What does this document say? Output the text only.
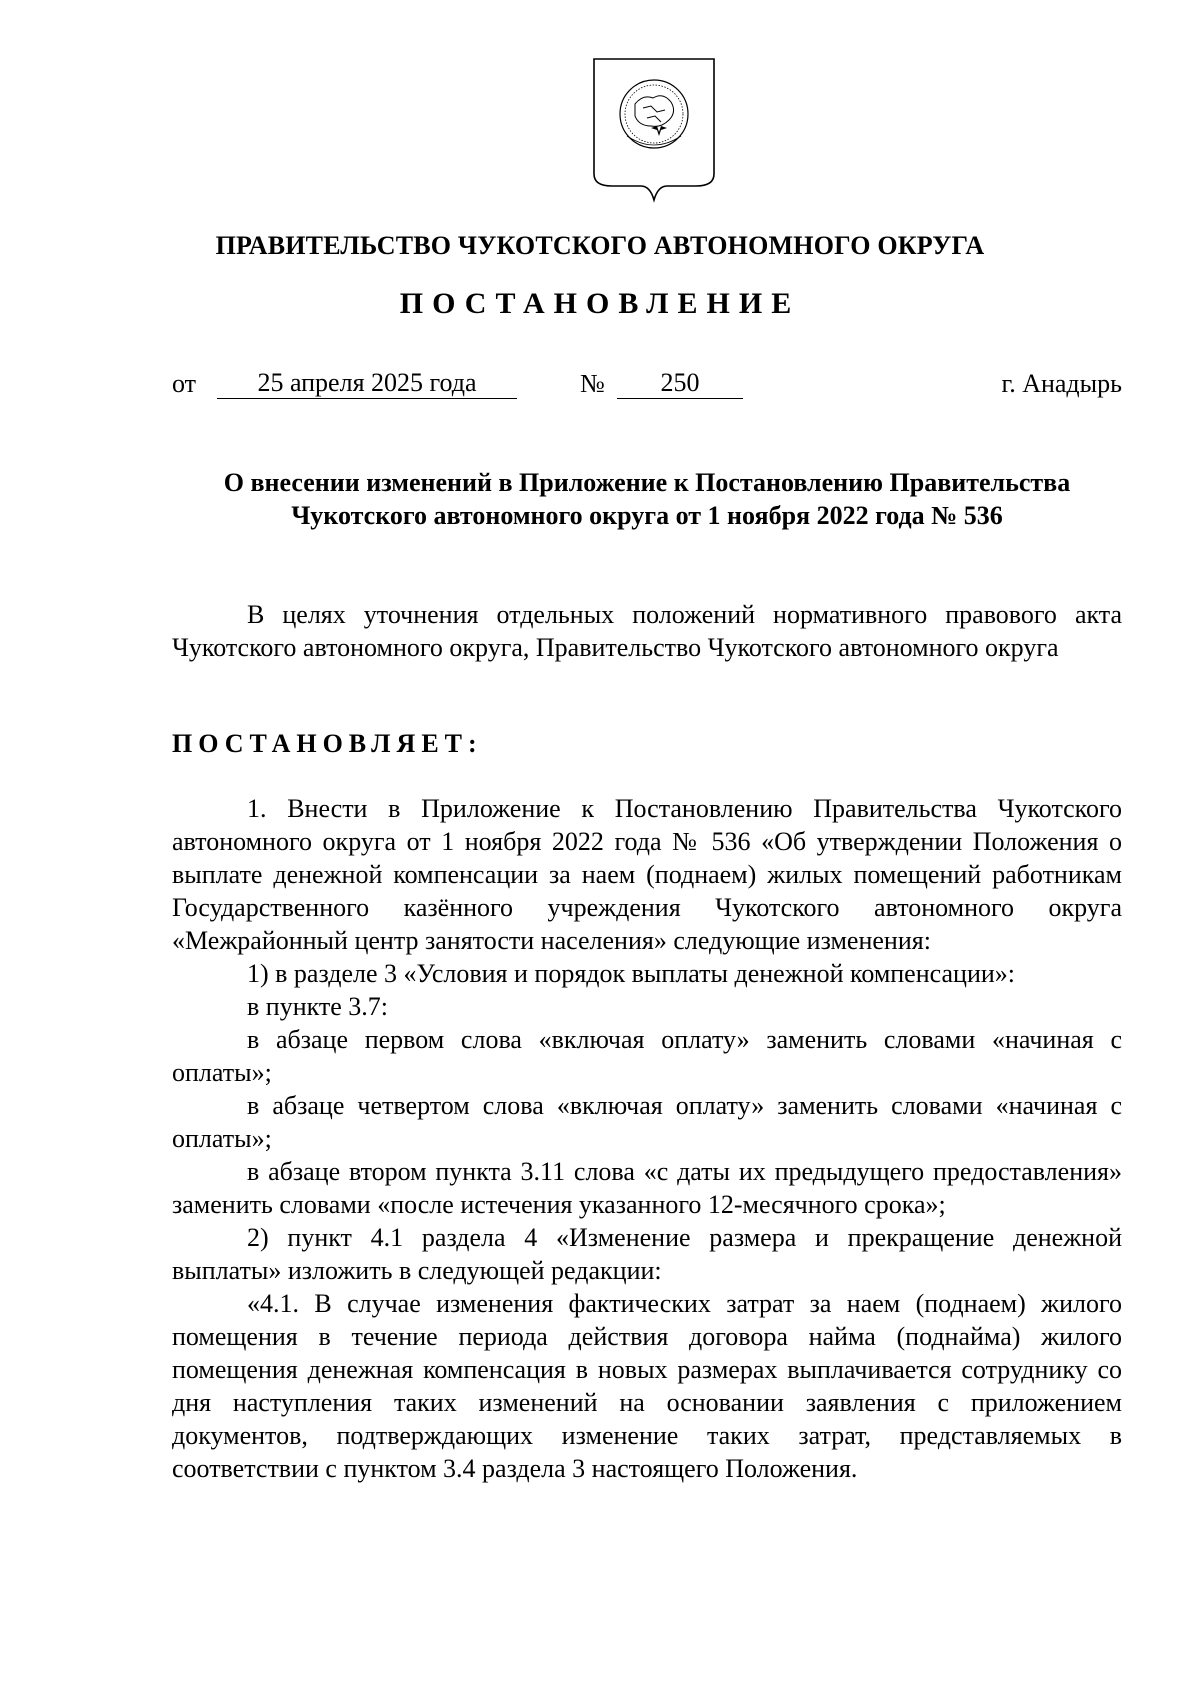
ПРАВИТЕЛЬСТВО ЧУКОТСКОГО АВТОНОМНОГО ОКРУГА
ПОСТАНОВЛЕНИЕ
от	25 апреля 2025 года	№	250	г. Анадырь
О внесении изменений в Приложение к Постановлению Правительства
Чукотского автономного округа от 1 ноября 2022 года № 536

В целях уточнения отдельных положений нормативного правового акта Чукотского автономного округа, Правительство Чукотского автономного округа

ПОСТАНОВЛЯЕТ:

1. Внести в Приложение к Постановлению Правительства Чукотского автономного округа от 1 ноября 2022 года № 536 «Об утверждении Положения о выплате денежной компенсации за наем (поднаем) жилых помещений работникам Государственного казённого учреждения Чукотского автономного округа «Межрайонный центр занятости населения» следующие изменения:

1) в разделе 3 «Условия и порядок выплаты денежной компенсации»:

в пункте 3.7:

в абзаце первом слова «включая оплату» заменить словами «начиная с оплаты»;

в абзаце четвертом слова «включая оплату» заменить словами «начиная с оплаты»;

в абзаце втором пункта 3.11 слова «с даты их предыдущего предоставления» заменить словами «после истечения указанного 12-месячного срока»;

2) пункт 4.1 раздела 4 «Изменение размера и прекращение денежной выплаты» изложить в следующей редакции:

«4.1. В случае изменения фактических затрат за наем (поднаем) жилого помещения в течение периода действия договора найма (поднайма) жилого помещения денежная компенсация в новых размерах выплачивается сотруднику со дня наступления таких изменений на основании заявления с приложением документов, подтверждающих изменение таких затрат, представляемых в соответствии с пунктом 3.4 раздела 3 настоящего Положения.
